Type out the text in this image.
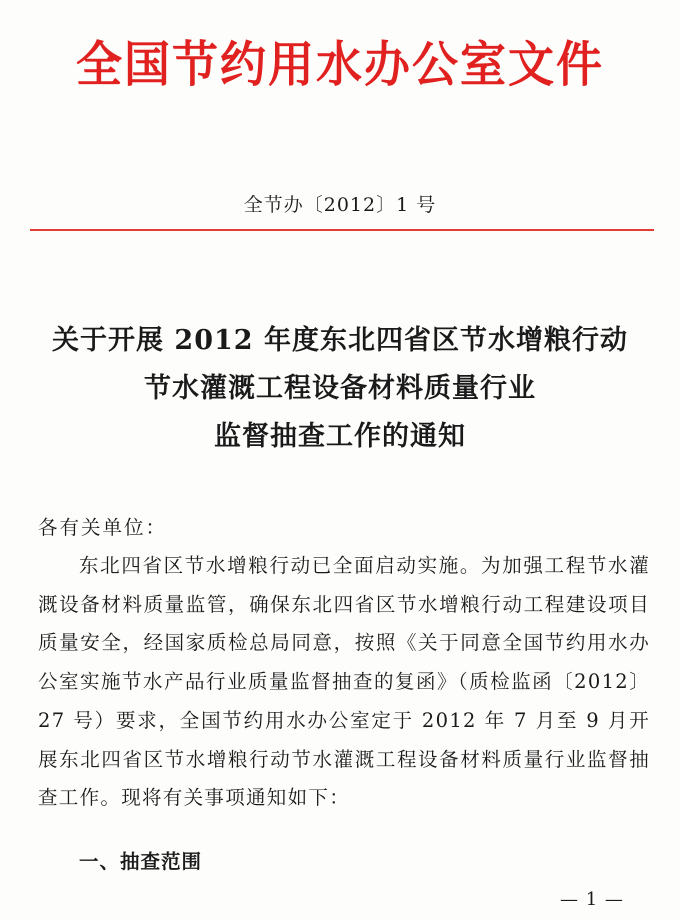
全国节约用水办公室文件
全节办〔2012〕1 号
关于开展 2012 年度东北四省区节水增粮行动
节水灌溉工程设备材料质量行业
监督抽查工作的通知
各有关单位：
东北四省区节水增粮行动已全面启动实施。为加强工程节水灌溉设备材料质量监管，确保东北四省区节水增粮行动工程建设项目质量安全，经国家质检总局同意，按照《关于同意全国节约用水办公室实施节水产品行业质量监督抽查的复函》（质检监函〔2012〕27 号）要求，全国节约用水办公室定于 2012 年 7 月至 9 月开展东北四省区节水增粮行动节水灌溉工程设备材料质量行业监督抽查工作。现将有关事项通知如下：
一、抽查范围
— 1 —
